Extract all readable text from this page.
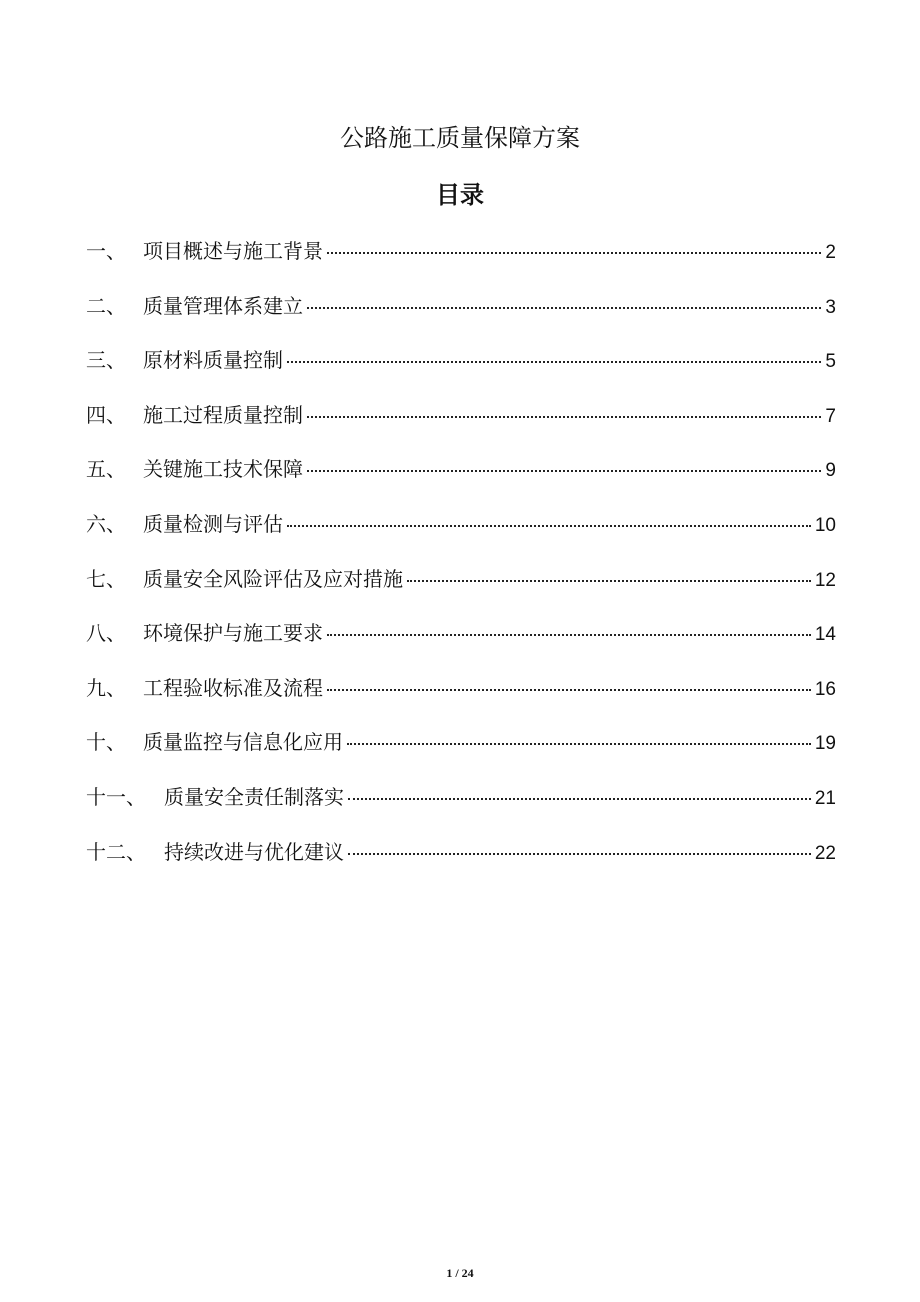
公路施工质量保障方案
目录
一、 项目概述与施工背景	2
二、 质量管理体系建立	3
三、 原材料质量控制	5
四、 施工过程质量控制	7
五、 关键施工技术保障	9
六、 质量检测与评估	10
七、 质量安全风险评估及应对措施	12
八、 环境保护与施工要求	14
九、 工程验收标准及流程	16
十、 质量监控与信息化应用	19
十一、 质量安全责任制落实	21
十二、 持续改进与优化建议	22
1 / 24
